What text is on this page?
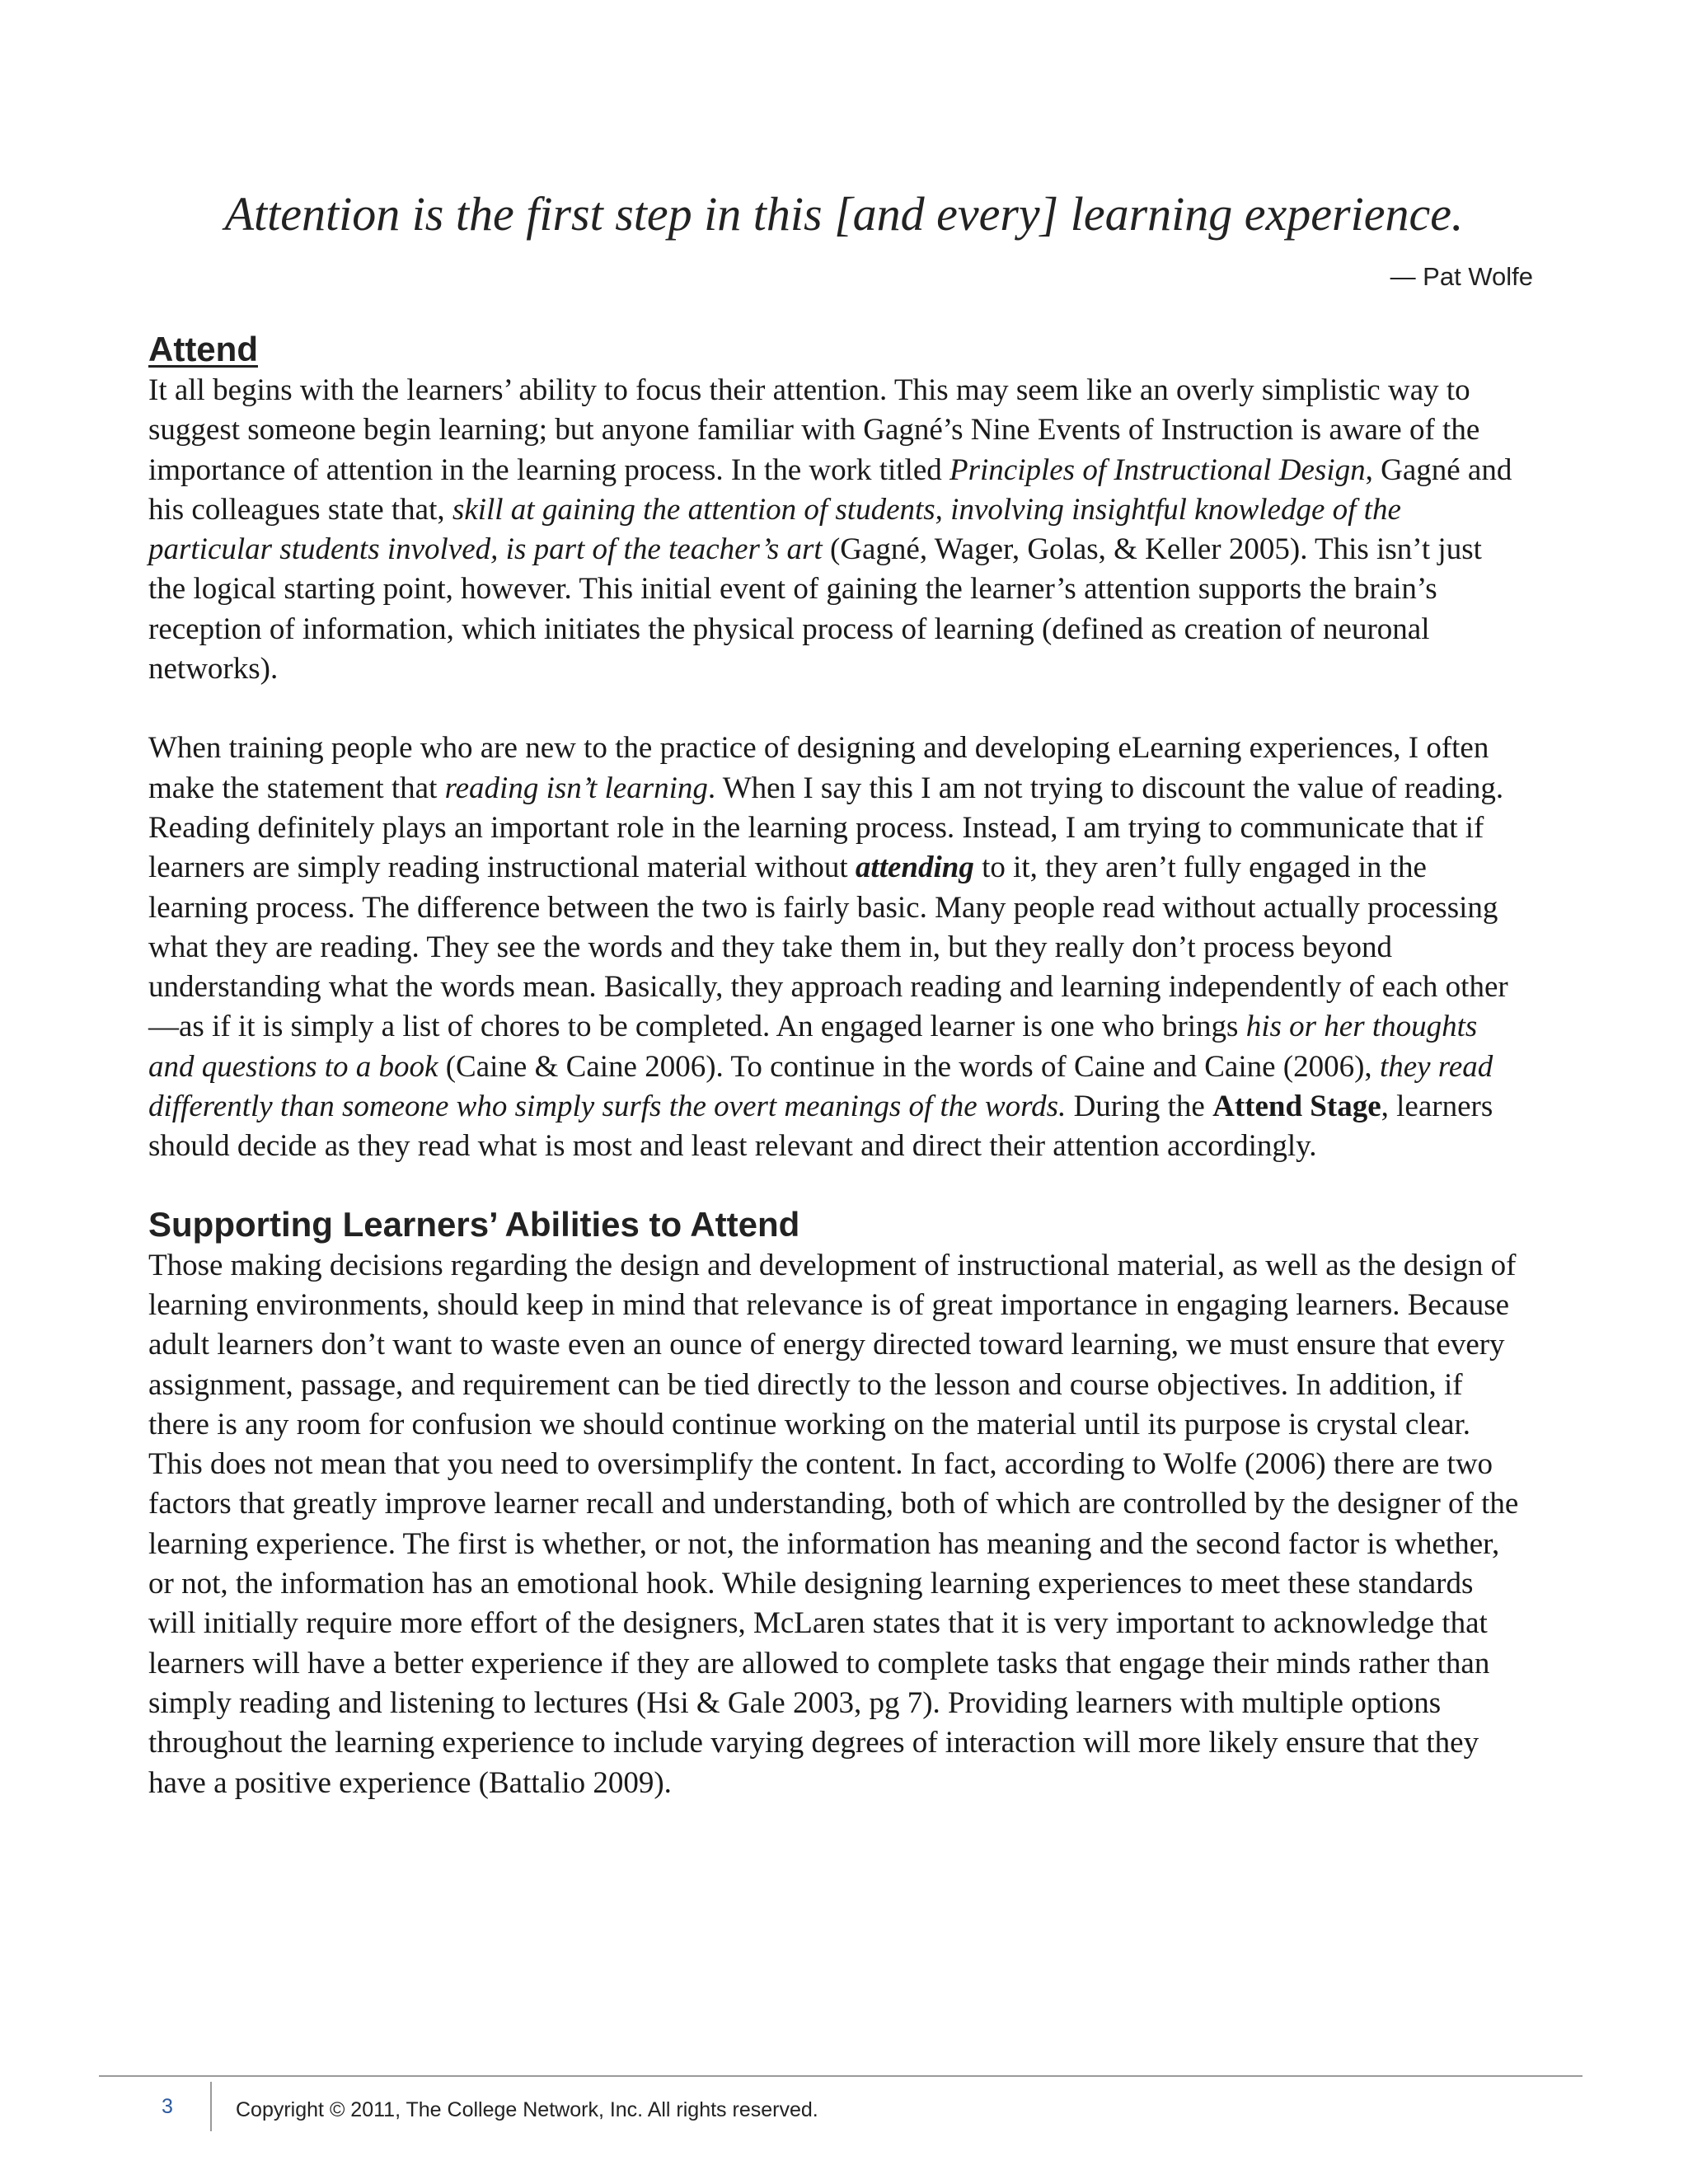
Attention is the first step in this [and every] learning experience.
— Pat Wolfe
Attend

It all begins with the learners’ ability to focus their attention. This may seem like an overly simplistic way to suggest someone begin learning; but anyone familiar with Gagné’s Nine Events of Instruction is aware of the importance of attention in the learning process. In the work titled Principles of Instructional Design, Gagné and his colleagues state that, skill at gaining the attention of students, involving insightful knowledge of the particular students involved, is part of the teacher’s art (Gagné, Wager, Golas, & Keller 2005). This isn’t just the logical starting point, however. This initial event of gaining the learner’s attention supports the brain’s reception of information, which initiates the physical process of learning (defined as creation of neuronal networks).

When training people who are new to the practice of designing and developing eLearning experiences, I often make the statement that reading isn’t learning. When I say this I am not trying to discount the value of reading. Reading definitely plays an important role in the learning process. Instead, I am trying to communicate that if learners are simply reading instructional material without attending to it, they aren’t fully engaged in the learning process. The difference between the two is fairly basic. Many people read without actually processing what they are reading. They see the words and they take them in, but they really don’t process beyond understanding what the words mean. Basically, they approach reading and learning independently of each other—as if it is simply a list of chores to be completed. An engaged learner is one who brings his or her thoughts and questions to a book (Caine & Caine 2006). To continue in the words of Caine and Caine (2006), they read differently than someone who simply surfs the overt meanings of the words. During the Attend Stage, learners should decide as they read what is most and least relevant and direct their attention accordingly.

Supporting Learners’ Abilities to Attend

Those making decisions regarding the design and development of instructional material, as well as the design of learning environments, should keep in mind that relevance is of great importance in engaging learners. Because adult learners don’t want to waste even an ounce of energy directed toward learning, we must ensure that every assignment, passage, and requirement can be tied directly to the lesson and course objectives. In addition, if there is any room for confusion we should continue working on the material until its purpose is crystal clear. This does not mean that you need to oversimplify the content. In fact, according to Wolfe (2006) there are two factors that greatly improve learner recall and understanding, both of which are controlled by the designer of the learning experience. The first is whether, or not, the information has meaning and the second factor is whether, or not, the information has an emotional hook. While designing learning experiences to meet these standards will initially require more effort of the designers, McLaren states that it is very important to acknowledge that learners will have a better experience if they are allowed to complete tasks that engage their minds rather than simply reading and listening to lectures (Hsi & Gale 2003, pg 7). Providing learners with multiple options throughout the learning experience to include varying degrees of interaction will more likely ensure that they have a positive experience (Battalio 2009).

3	Copyright © 2011, The College Network, Inc. All rights reserved.
